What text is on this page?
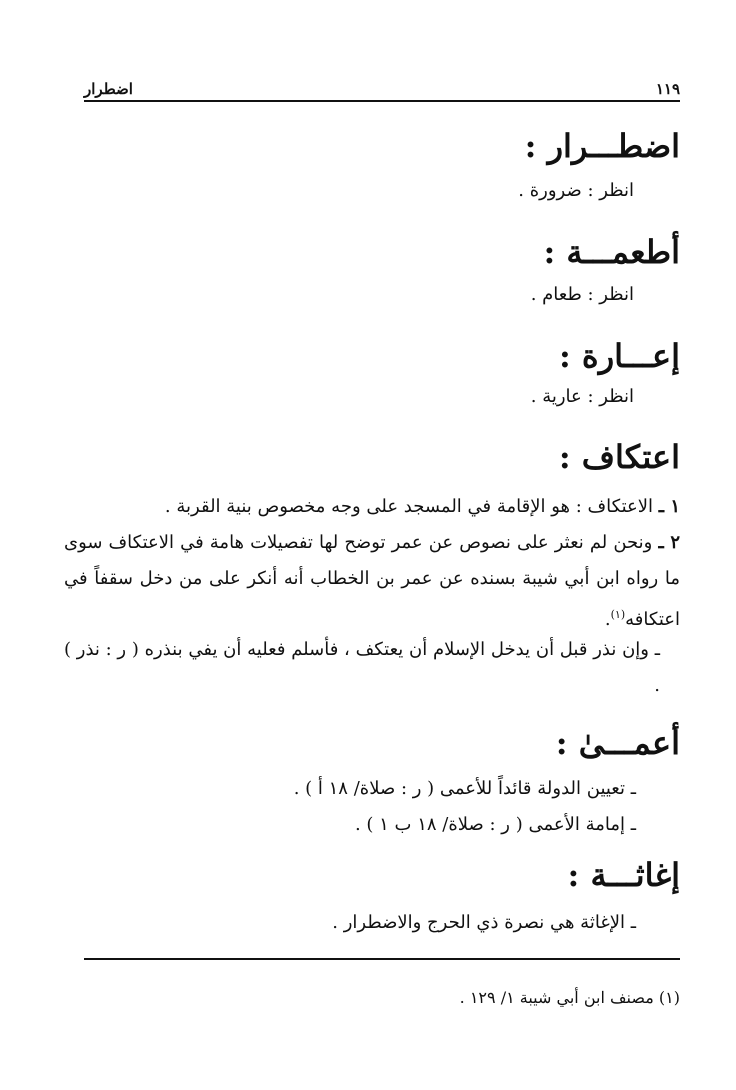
١١٩
اضطرار
اضطـــرار :
انظر : ضرورة .
أطعمـــة :
انظر : طعام .
إعـــارة :
انظر : عارية .
اعتكاف :
١ ـ الاعتكاف : هو الإقامة في المسجد على وجه مخصوص بنية القربة .
٢ ـ ونحن لم نعثر على نصوص عن عمر توضح لها تفصيلات هامة في الاعتكاف سوى ما رواه ابن أبي شيبة بسنده عن عمر بن الخطاب أنه أنكر على من دخل سقفاً في اعتكافه$^{(١)}$.
ـ وإن نذر قبل أن يدخل الإسلام أن يعتكف ، فأسلم فعليه أن يفي بنذره ( ر : نذر ) .
أعمـــىٰ :
ـ تعيين الدولة قائداً للأعمى ( ر : صلاة/ ١٨ أ ) .
ـ إمامة الأعمى ( ر : صلاة/ ١٨ ب ١ ) .
إغاثـــة :
ـ الإغاثة هي نصرة ذي الحرج والاضطرار .
(١) مصنف ابن أبي شيبة ١/ ١٢٩ .
